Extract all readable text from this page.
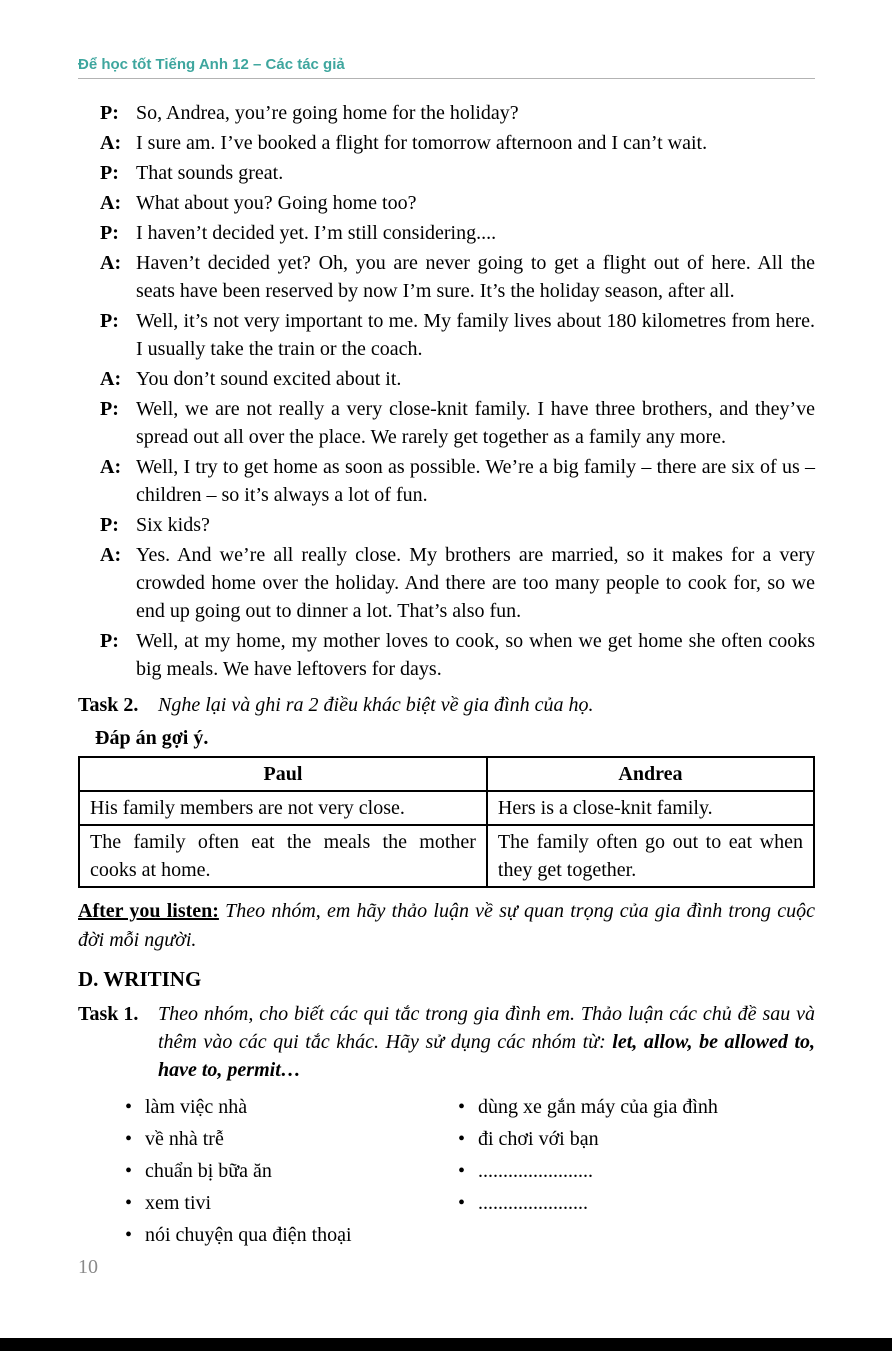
Để học tốt Tiếng Anh 12 – Các tác giả
P: So, Andrea, you’re going home for the holiday?
A: I sure am. I’ve booked a flight for tomorrow afternoon and I can’t wait.
P: That sounds great.
A: What about you? Going home too?
P: I haven’t decided yet. I’m still considering....
A: Haven’t decided yet? Oh, you are never going to get a flight out of here. All the seats have been reserved by now I’m sure. It’s the holiday season, after all.
P: Well, it’s not very important to me. My family lives about 180 kilometres from here. I usually take the train or the coach.
A: You don’t sound excited about it.
P: Well, we are not really a very close-knit family. I have three brothers, and they’ve spread out all over the place. We rarely get together as a family any more.
A: Well, I try to get home as soon as possible. We’re a big family – there are six of us – children – so it’s always a lot of fun.
P: Six kids?
A: Yes. And we’re all really close. My brothers are married, so it makes for a very crowded home over the holiday. And there are too many people to cook for, so we end up going out to dinner a lot. That’s also fun.
P: Well, at my home, my mother loves to cook, so when we get home she often cooks big meals. We have leftovers for days.
Task 2. Nghe lại và ghi ra 2 điều khác biệt về gia đình của họ.
Đáp án gợi ý.
Paul	Andrea
His family members are not very close.	Hers is a close-knit family.
The family often eat the meals the mother cooks at home.	The family often go out to eat when they get together.
After you listen: Theo nhóm, em hãy thảo luận về sự quan trọng của gia đình trong cuộc đời mỗi người.
D. WRITING
Task 1. Theo nhóm, cho biết các qui tắc trong gia đình em. Thảo luận các chủ đề sau và thêm vào các qui tắc khác. Hãy sử dụng các nhóm từ: let, allow, be allowed to, have to, permit…
• làm việc nhà
• về nhà trễ
• chuẩn bị bữa ăn
• xem tivi
• nói chuyện qua điện thoại
• dùng xe gắn máy của gia đình
• đi chơi với bạn
• .......................
• ......................
10
